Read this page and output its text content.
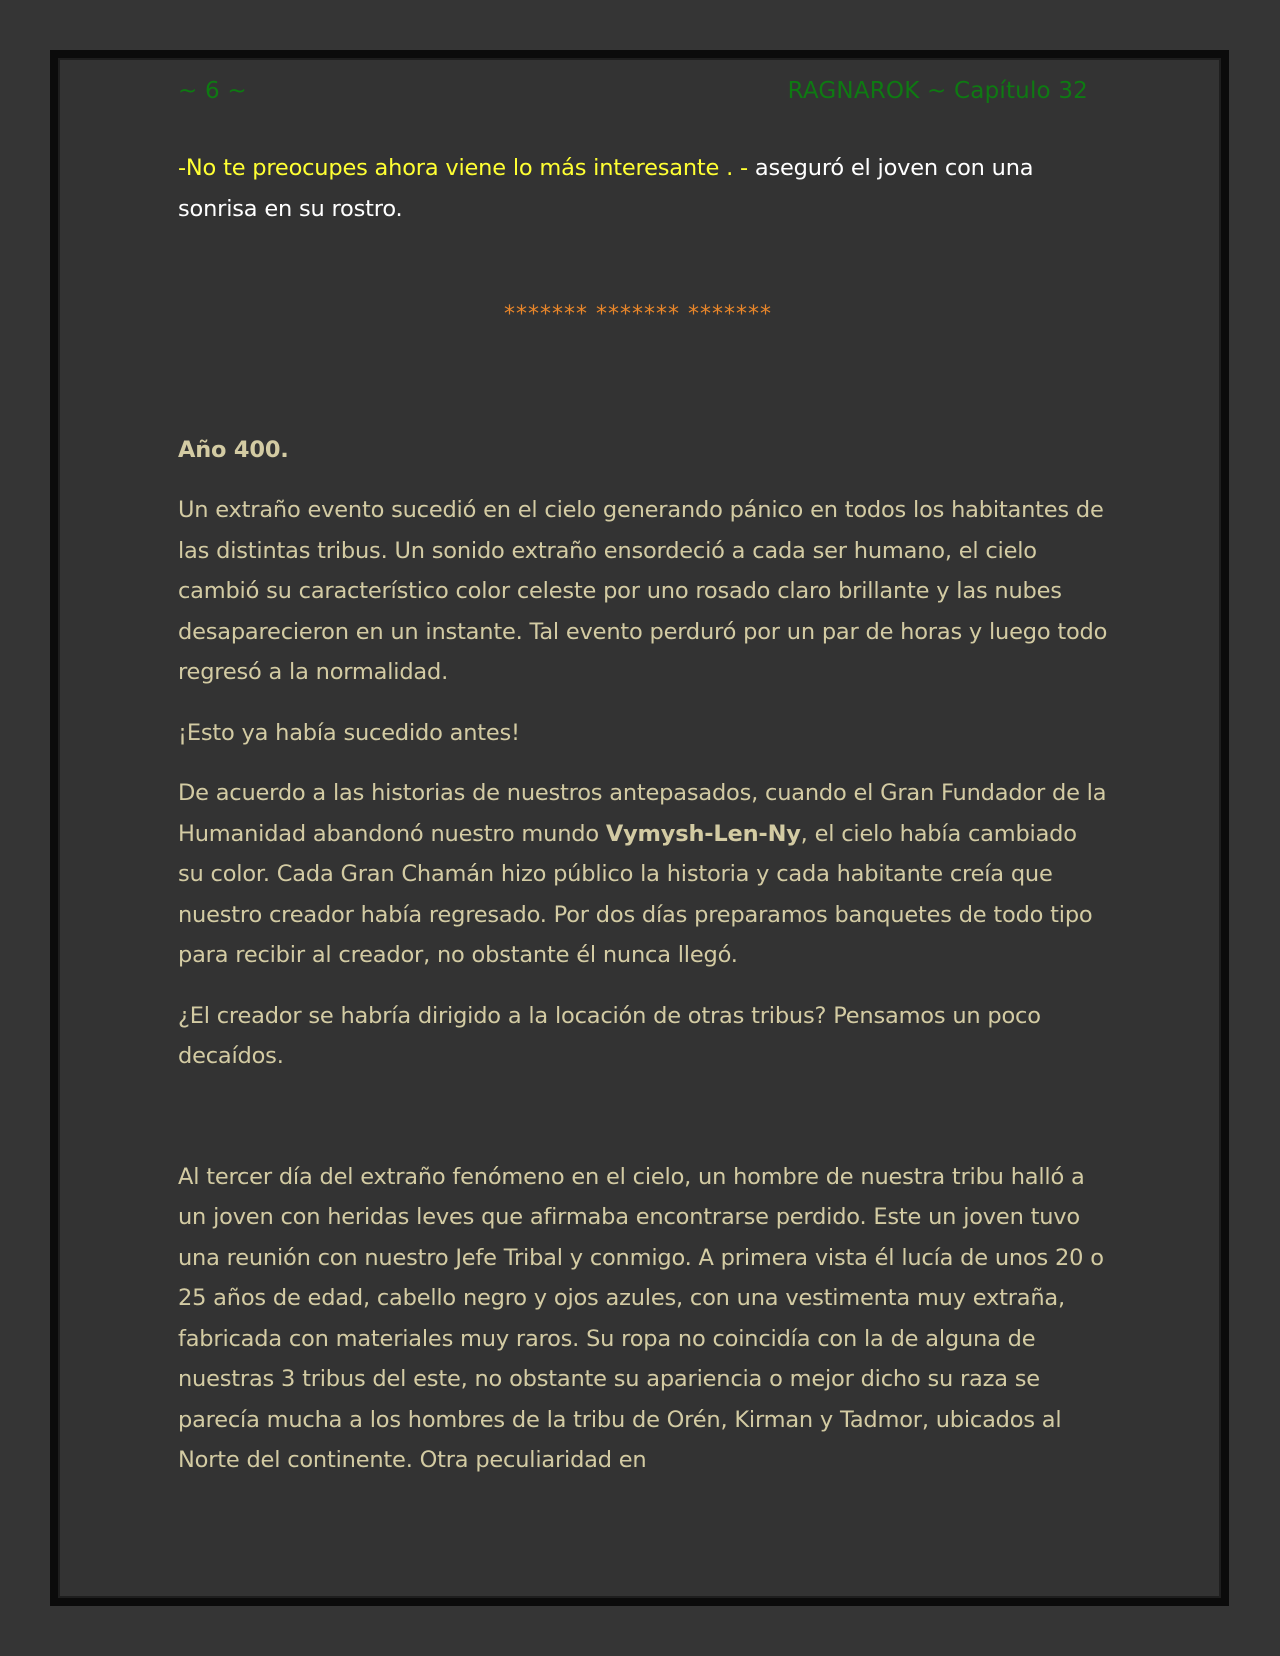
~ 6 ~	RAGNAROK ~ Capítulo 32

-No te preocupes ahora viene lo más interesante . - aseguró el joven con una sonrisa en su rostro.

******* ******* *******

Año 400.

Un extraño evento sucedió en el cielo generando pánico en todos los habitantes de las distintas tribus. Un sonido extraño ensordeció a cada ser humano, el cielo cambió su característico color celeste por uno rosado claro brillante y las nubes desaparecieron en un instante. Tal evento perduró por un par de horas y luego todo regresó a la normalidad.

¡Esto ya había sucedido antes!

De acuerdo a las historias de nuestros antepasados, cuando el Gran Fundador de la Humanidad abandonó nuestro mundo Vymysh-Len-Ny, el cielo había cambiado su color. Cada Gran Chamán hizo público la historia y cada habitante creía que nuestro creador había regresado. Por dos días preparamos banquetes de todo tipo para recibir al creador, no obstante él nunca llegó.

¿El creador se habría dirigido a la locación de otras tribus? Pensamos un poco decaídos.

Al tercer día del extraño fenómeno en el cielo, un hombre de nuestra tribu halló a un joven con heridas leves que afirmaba encontrarse perdido. Este un joven tuvo una reunión con nuestro Jefe Tribal y conmigo. A primera vista él lucía de unos 20 o 25 años de edad, cabello negro y ojos azules, con una vestimenta muy extraña, fabricada con materiales muy raros. Su ropa no coincidía con la de alguna de nuestras 3 tribus del este, no obstante su apariencia o mejor dicho su raza se parecía mucha a los hombres de la tribu de Orén, Kirman y Tadmor, ubicados al Norte del continente. Otra peculiaridad en
